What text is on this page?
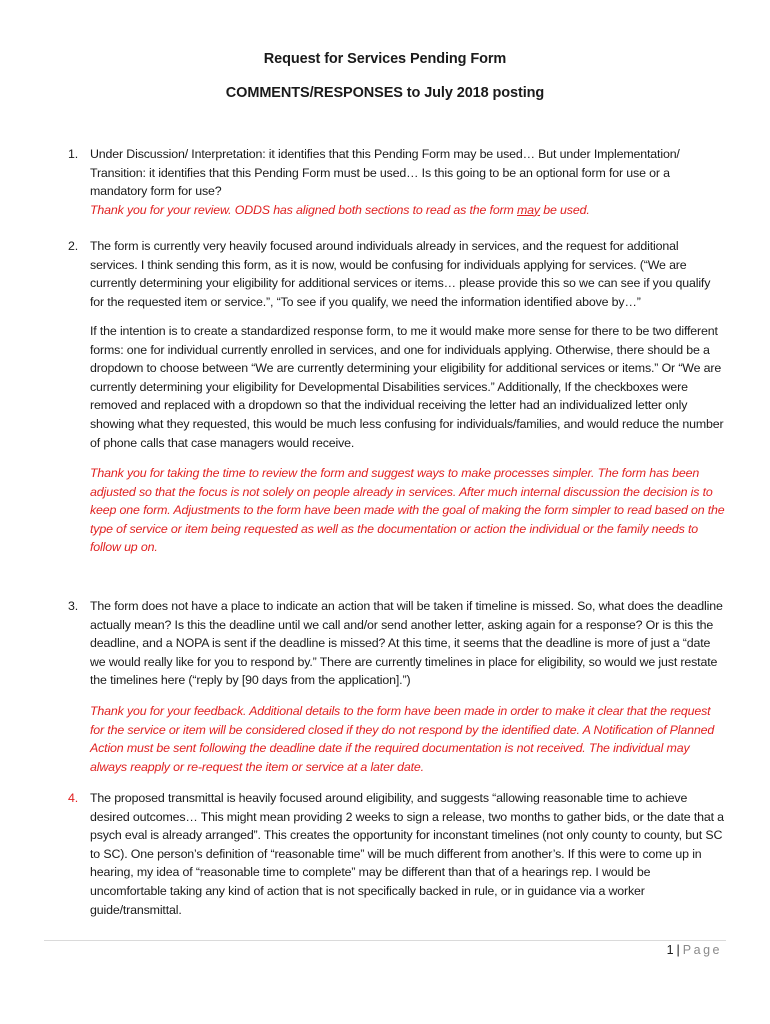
Request for Services Pending Form
COMMENTS/RESPONSES to July 2018 posting
1. Under Discussion/ Interpretation: it identifies that this Pending Form may be used… But under Implementation/ Transition: it identifies that this Pending Form must be used… Is this going to be an optional form for use or a mandatory form for use?

Thank you for your review. ODDS has aligned both sections to read as the form may be used.

2. The form is currently very heavily focused around individuals already in services, and the request for additional services. I think sending this form, as it is now, would be confusing for individuals applying for services. (“We are currently determining your eligibility for additional services or items… please provide this so we can see if you qualify for the requested item or service.”, “To see if you qualify, we need the information identified above by…”

If the intention is to create a standardized response form, to me it would make more sense for there to be two different forms: one for individual currently enrolled in services, and one for individuals applying. Otherwise, there should be a dropdown to choose between “We are currently determining your eligibility for additional services or items.” Or “We are currently determining your eligibility for Developmental Disabilities services.” Additionally, If the checkboxes were removed and replaced with a dropdown so that the individual receiving the letter had an individualized letter only showing what they requested, this would be much less confusing for individuals/families, and would reduce the number of phone calls that case managers would receive.

Thank you for taking the time to review the form and suggest ways to make processes simpler. The form has been adjusted so that the focus is not solely on people already in services. After much internal discussion the decision is to keep one form. Adjustments to the form have been made with the goal of making the form simpler to read based on the type of service or item being requested as well as the documentation or action the individual or the family needs to follow up on.

3. The form does not have a place to indicate an action that will be taken if timeline is missed. So, what does the deadline actually mean? Is this the deadline until we call and/or send another letter, asking again for a response? Or is this the deadline, and a NOPA is sent if the deadline is missed? At this time, it seems that the deadline is more of just a “date we would really like for you to respond by.” There are currently timelines in place for eligibility, so would we just restate the timelines here (“reply by [90 days from the application].”)

Thank you for your feedback. Additional details to the form have been made in order to make it clear that the request for the service or item will be considered closed if they do not respond by the identified date. A Notification of Planned Action must be sent following the deadline date if the required documentation is not received. The individual may always reapply or re-request the item or service at a later date.

4. The proposed transmittal is heavily focused around eligibility, and suggests “allowing reasonable time to achieve desired outcomes… This might mean providing 2 weeks to sign a release, two months to gather bids, or the date that a psych eval is already arranged”. This creates the opportunity for inconstant timelines (not only county to county, but SC to SC). One person’s definition of “reasonable time” will be much different from another’s. If this were to come up in hearing, my idea of “reasonable time to complete” may be different than that of a hearings rep. I would be uncomfortable taking any kind of action that is not specifically backed in rule, or in guidance via a worker guide/transmittal.

1 | Page
